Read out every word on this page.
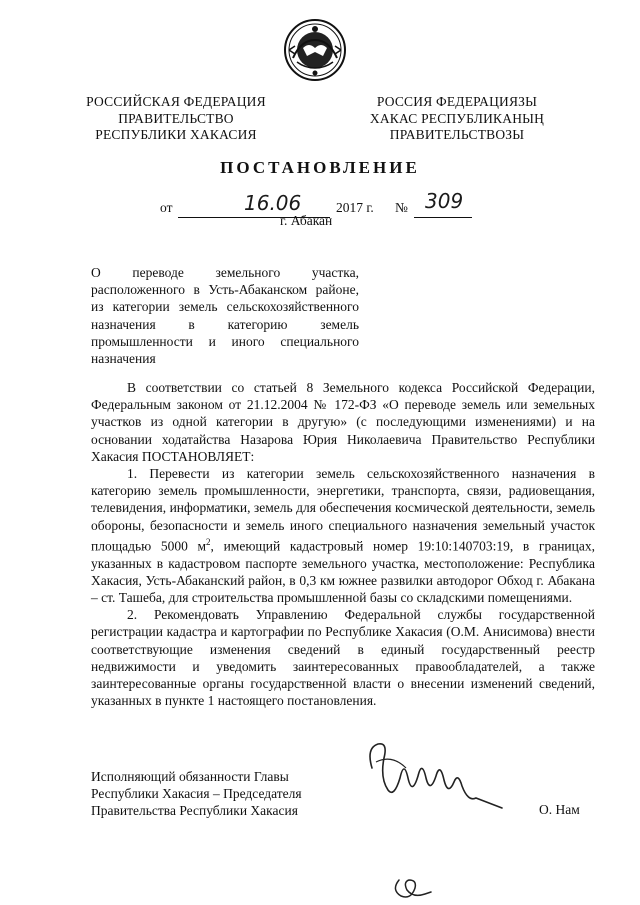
РОССИЙСКАЯ ФЕДЕРАЦИЯ
ПРАВИТЕЛЬСТВО
РЕСПУБЛИКИ ХАКАСИЯ
РОССИЯ ФЕДЕРАЦИЯЗЫ
ХАКАС РЕСПУБЛИКАНЫҢ
ПРАВИТЕЛЬСТВОЗЫ
ПОСТАНОВЛЕНИЕ
от	16.06	2017 г. № 309
г. Абакан
О переводе земельного участка, расположенного в Усть-Абаканском районе, из категории земель сельскохозяйственного назначения в категорию земель промышленности и иного специального
назначения

В соответствии со статьей 8 Земельного кодекса Российской Федерации, Федеральным законом от 21.12.2004 № 172-ФЗ «О переводе земель или земельных участков из одной категории в другую» (с последующими изменениями) и на основании ходатайства Назарова Юрия Николаевича Правительство Республики Хакасия ПОСТАНОВЛЯЕТ:

1. Перевести из категории земель сельскохозяйственного назначения в категорию земель промышленности, энергетики, транспорта, связи, радиовещания, телевидения, информатики, земель для обеспечения космической деятельности, земель обороны, безопасности и земель иного специального назначения земельный участок площадью 5000 $м^2$, имеющий кадастровый номер 19:10:140703:19, в границах, указанных в кадастровом паспорте земельного участка, местоположение: Республика Хакасия, Усть-Абаканский район, в 0,3 км южнее развилки автодорог Обход г. Абакана – ст. Ташеба, для строительства промышленной базы со складскими помещениями.

2. Рекомендовать Управлению Федеральной службы государственной регистрации кадастра и картографии по Республике Хакасия (О.М. Анисимова) внести соответствующие изменения сведений в единый государственный реестр недвижимости и уведомить заинтересованных правообладателей, а также заинтересованные органы государственной власти о внесении изменений сведений, указанных в пункте 1 настоящего постановления.

Исполняющий обязанности Главы
Республики Хакасия – Председателя
Правительства Республики Хакасия	О. Нам
